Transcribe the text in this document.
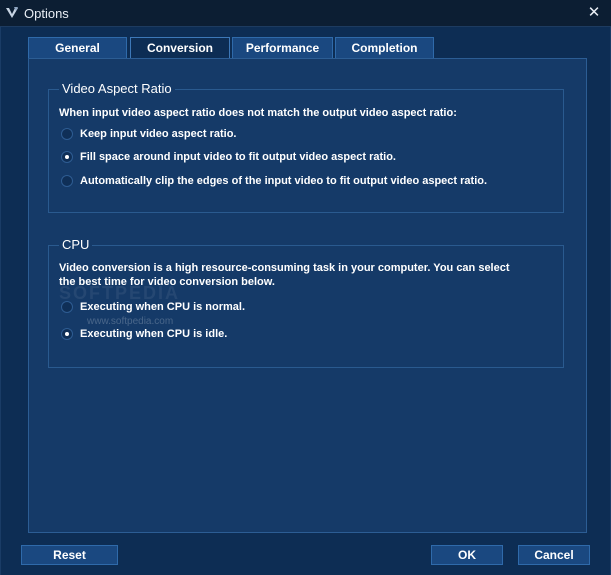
Options	✕
General	Conversion	Performance	Completion
Video Aspect Ratio
When input video aspect ratio does not match the output video aspect ratio:
Keep input video aspect ratio.
Fill space around input video to fit output video aspect ratio.
Automatically clip the edges of the input video to fit output video aspect ratio.
CPU
Video conversion is a high resource-consuming task in your computer. You can select
the best time for video conversion below.
Executing when CPU is normal.
Executing when CPU is idle.
SOFTPEDIA
www.softpedia.com
Reset	OK	Cancel
